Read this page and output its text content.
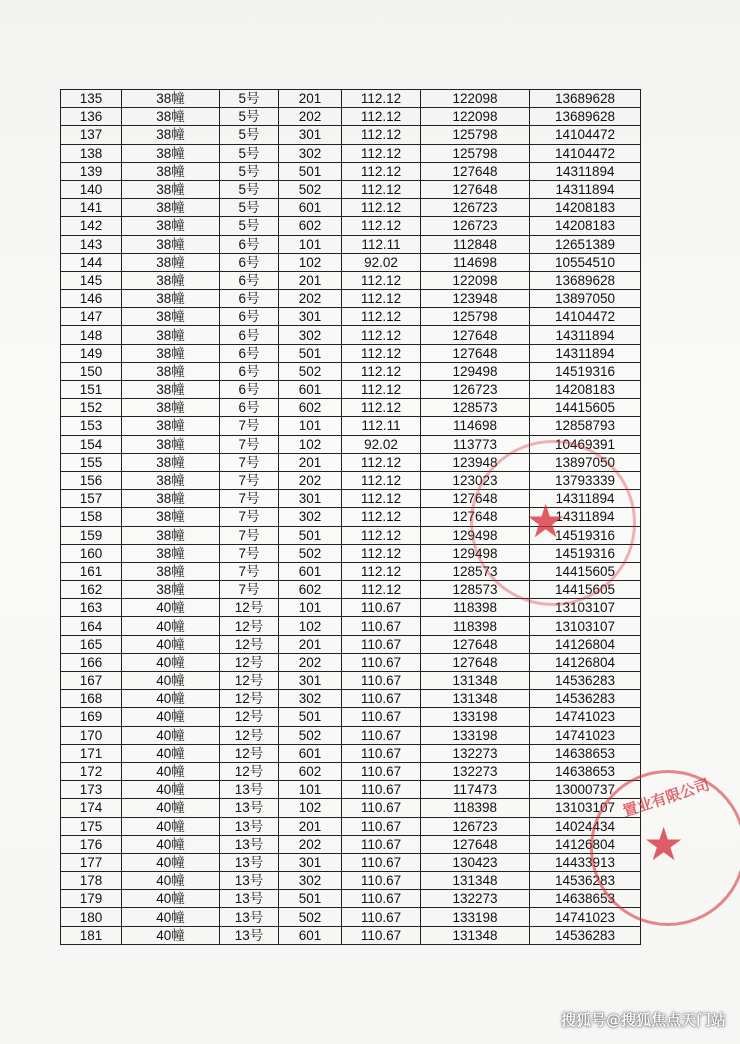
135	38幢	5号	201	112.12	122098	13689628
136	38幢	5号	202	112.12	122098	13689628
137	38幢	5号	301	112.12	125798	14104472
138	38幢	5号	302	112.12	125798	14104472
139	38幢	5号	501	112.12	127648	14311894
140	38幢	5号	502	112.12	127648	14311894
141	38幢	5号	601	112.12	126723	14208183
142	38幢	5号	602	112.12	126723	14208183
143	38幢	6号	101	112.11	112848	12651389
144	38幢	6号	102	92.02	114698	10554510
145	38幢	6号	201	112.12	122098	13689628
146	38幢	6号	202	112.12	123948	13897050
147	38幢	6号	301	112.12	125798	14104472
148	38幢	6号	302	112.12	127648	14311894
149	38幢	6号	501	112.12	127648	14311894
150	38幢	6号	502	112.12	129498	14519316
151	38幢	6号	601	112.12	126723	14208183
152	38幢	6号	602	112.12	128573	14415605
153	38幢	7号	101	112.11	114698	12858793
154	38幢	7号	102	92.02	113773	10469391
155	38幢	7号	201	112.12	123948	13897050
156	38幢	7号	202	112.12	123023	13793339
157	38幢	7号	301	112.12	127648	14311894
158	38幢	7号	302	112.12	127648	14311894
159	38幢	7号	501	112.12	129498	14519316
160	38幢	7号	502	112.12	129498	14519316
161	38幢	7号	601	112.12	128573	14415605
162	38幢	7号	602	112.12	128573	14415605
163	40幢	12号	101	110.67	118398	13103107
164	40幢	12号	102	110.67	118398	13103107
165	40幢	12号	201	110.67	127648	14126804
166	40幢	12号	202	110.67	127648	14126804
167	40幢	12号	301	110.67	131348	14536283
168	40幢	12号	302	110.67	131348	14536283
169	40幢	12号	501	110.67	133198	14741023
170	40幢	12号	502	110.67	133198	14741023
171	40幢	12号	601	110.67	132273	14638653
172	40幢	12号	602	110.67	132273	14638653
173	40幢	13号	101	110.67	117473	13000737
174	40幢	13号	102	110.67	118398	13103107
175	40幢	13号	201	110.67	126723	14024434
176	40幢	13号	202	110.67	127648	14126804
177	40幢	13号	301	110.67	130423	14433913
178	40幢	13号	302	110.67	131348	14536283
179	40幢	13号	501	110.67	132273	14638653
180	40幢	13号	502	110.67	133198	14741023
181	40幢	13号	601	110.67	131348	14536283
★
★
置业有限公司
搜狐号@搜狐焦点天门站
